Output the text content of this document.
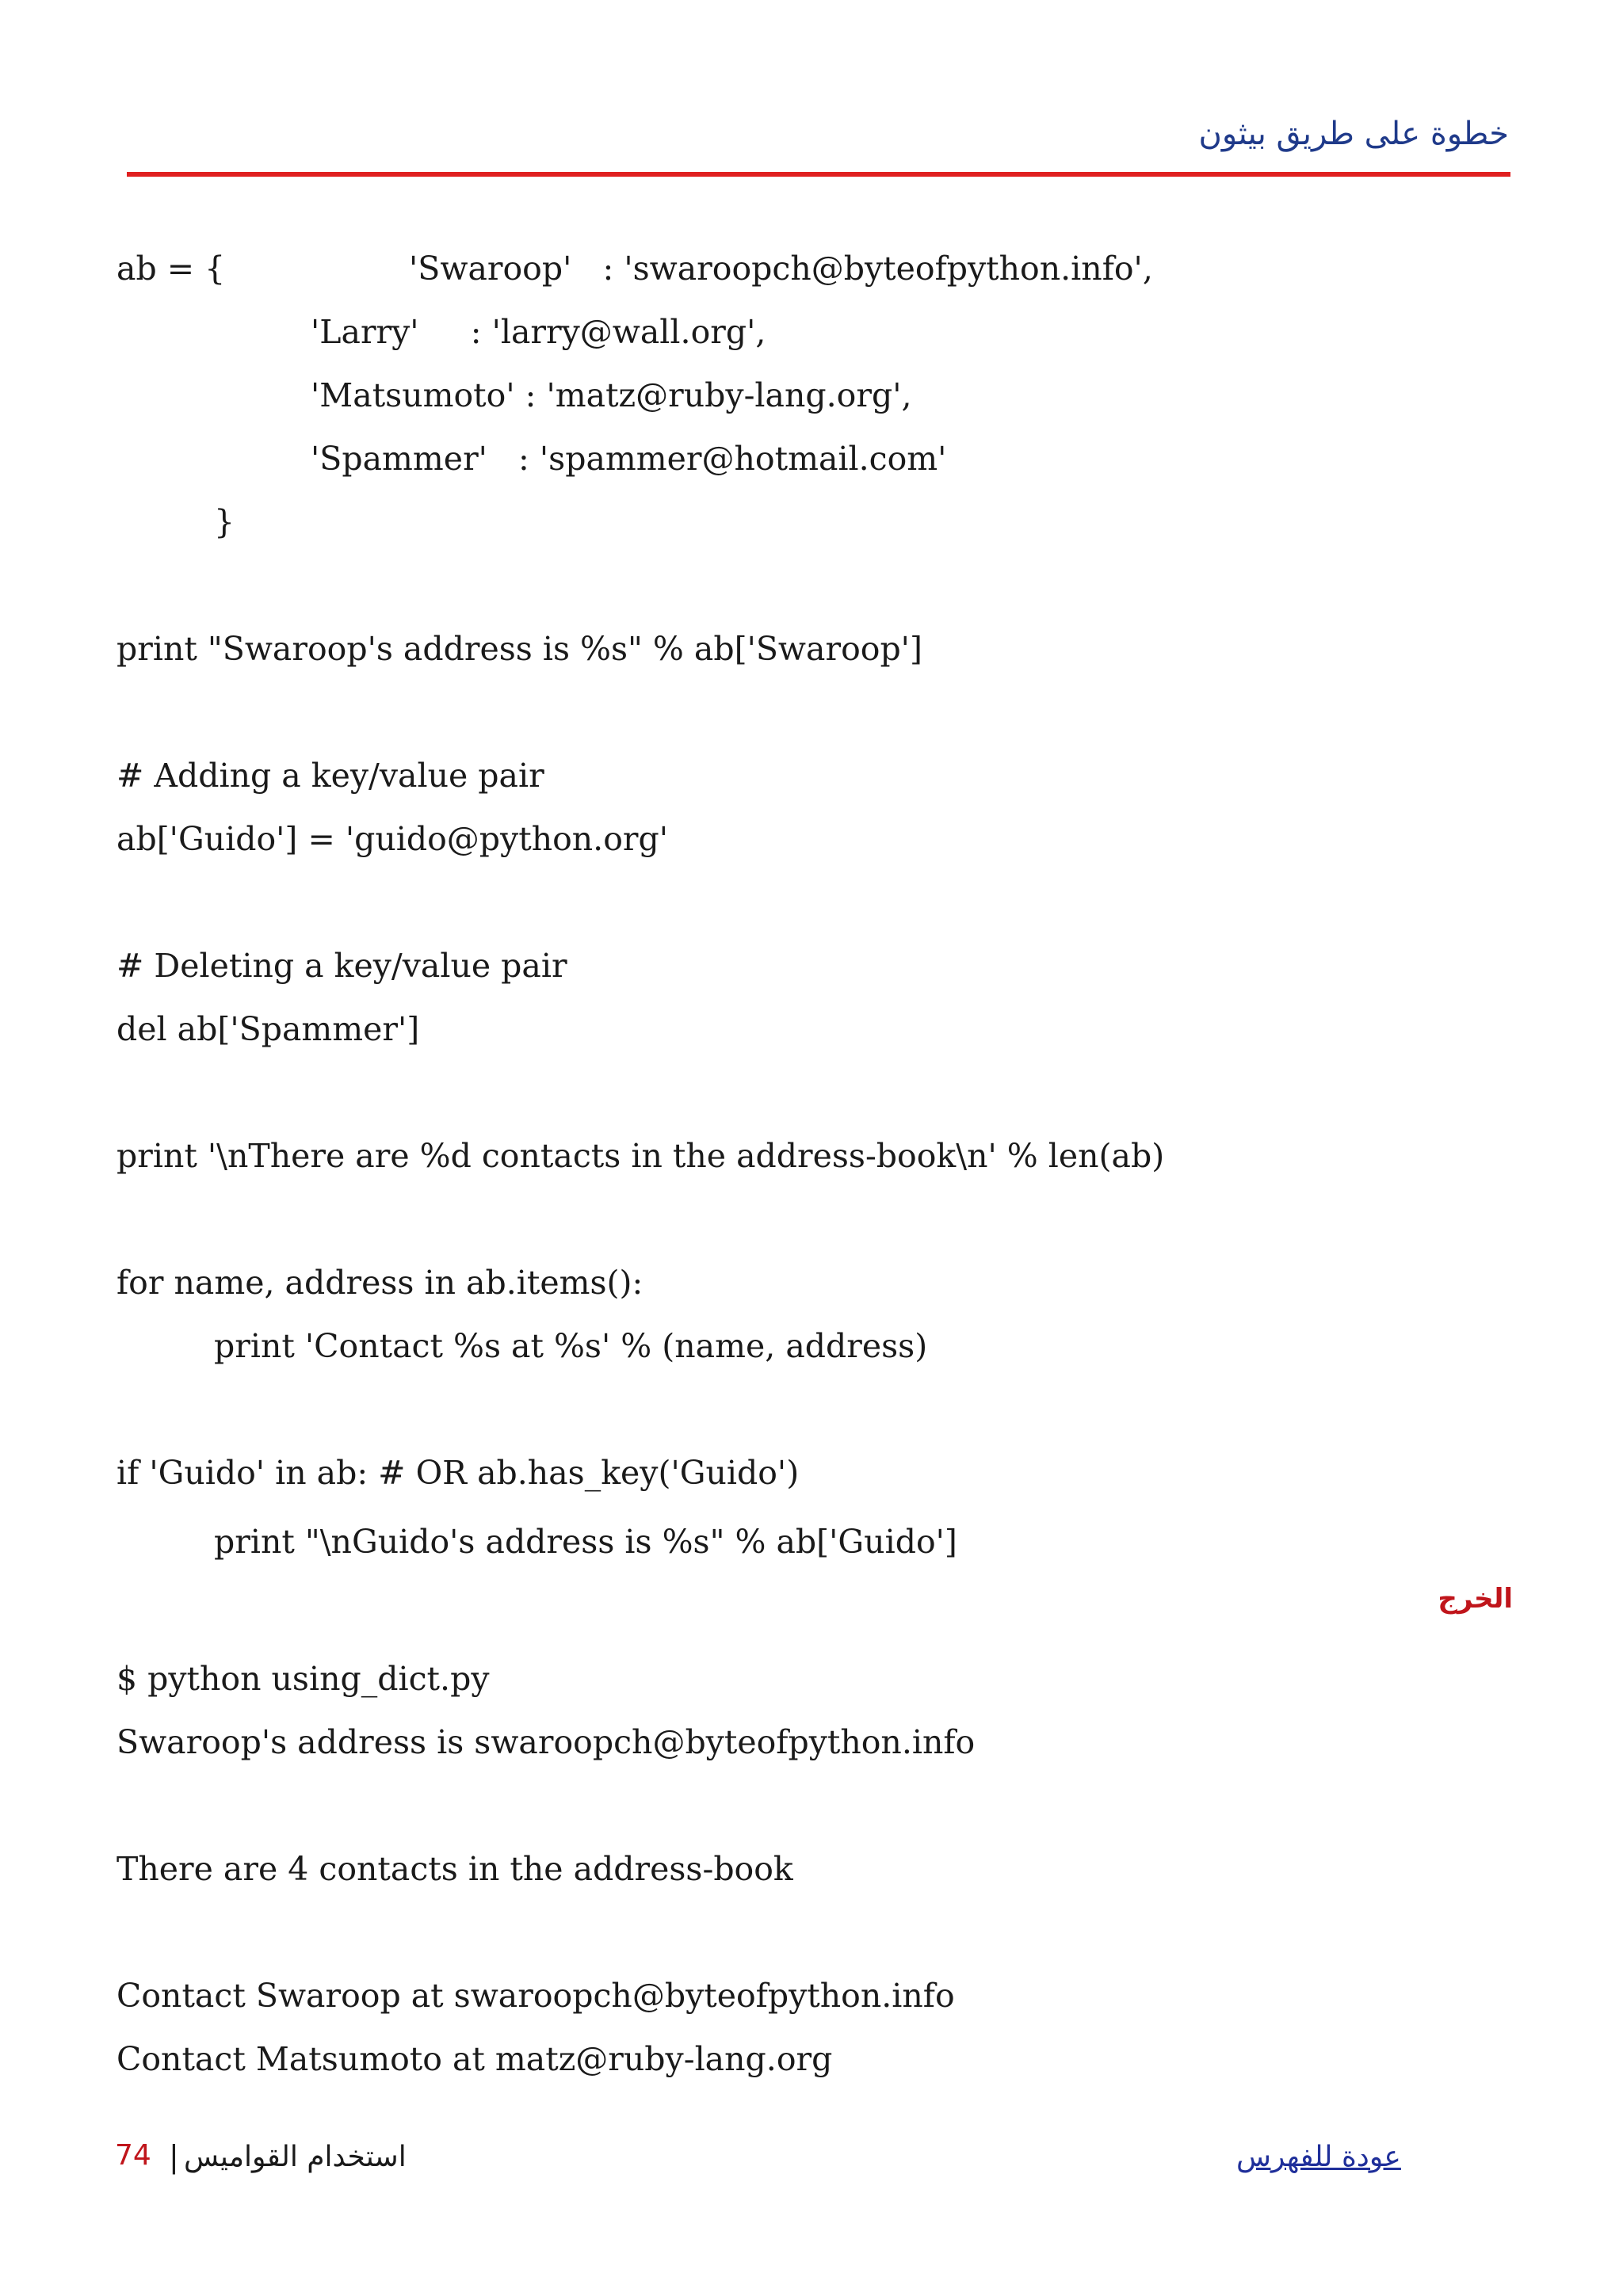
خطوة على طريق بيثون
ab = {	'Swaroop'   : 'swaroopch@byteofpython.info',
'Larry'     : 'larry@wall.org',
'Matsumoto' : 'matz@ruby-lang.org',
'Spammer'   : 'spammer@hotmail.com'
}
print "Swaroop's address is %s" % ab['Swaroop']
# Adding a key/value pair
ab['Guido'] = 'guido@python.org'
# Deleting a key/value pair
del ab['Spammer']
print '\nThere are %d contacts in the address-book\n' % len(ab)
for name, address in ab.items():
print 'Contact %s at %s' % (name, address)
if 'Guido' in ab: # OR ab.has_key('Guido')
print "\nGuido's address is %s" % ab['Guido']
الخرج
$ python using_dict.py
Swaroop's address is swaroopch@byteofpython.info
There are 4 contacts in the address-book
Contact Swaroop at swaroopch@byteofpython.info
Contact Matsumoto at matz@ruby-lang.org
74 | استخدام القواميس	عودة للفهرس
